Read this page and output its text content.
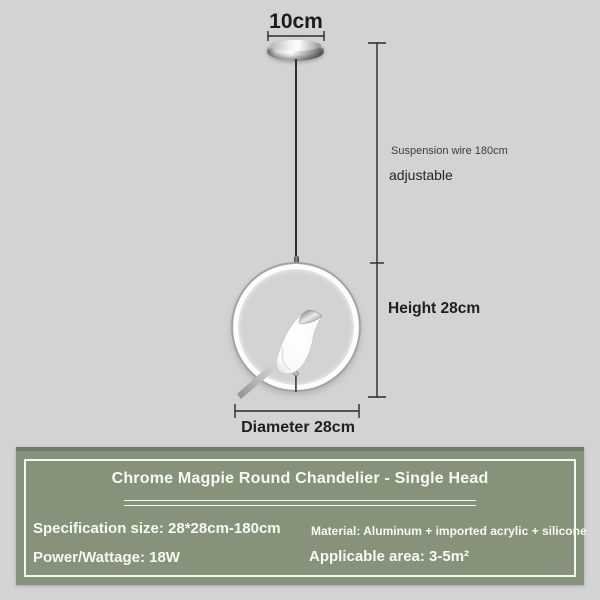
10cm
Suspension wire 180cm
adjustable
Height 28cm
Diameter 28cm
Chrome Magpie Round Chandelier - Single Head
Specification size: 28*28cm-180cm	Material: Aluminum + imported acrylic + silicone
Power/Wattage: 18W	Applicable area: 3-5m²
